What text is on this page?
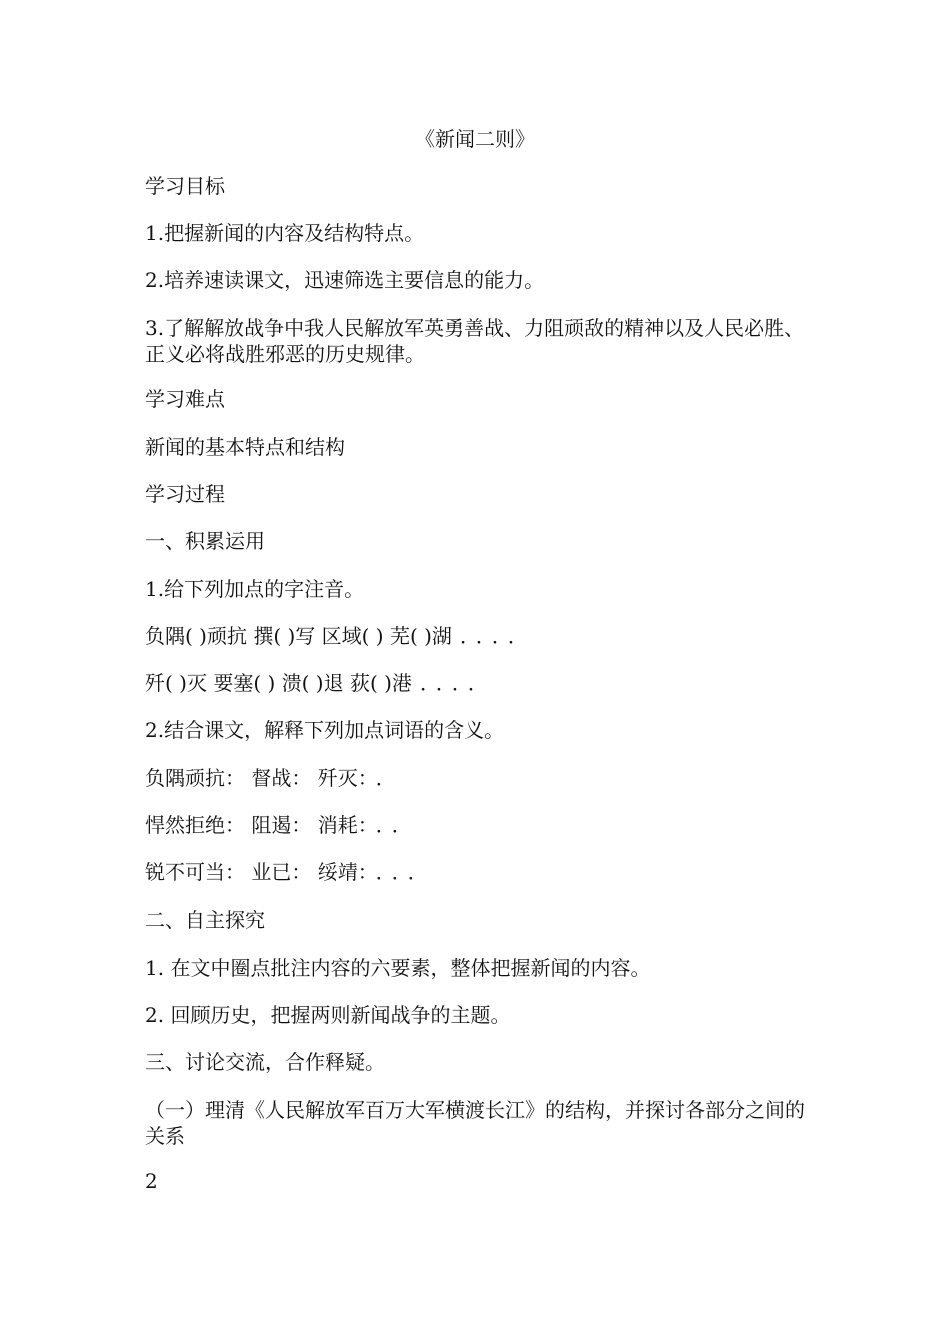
《新闻二则》
学习目标
1.把握新闻的内容及结构特点。
2.培养速读课文，迅速筛选主要信息的能力。
3.了解解放战争中我人民解放军英勇善战、力阻顽敌的精神以及人民必胜、正义必将战胜邪恶的历史规律。
学习难点
新闻的基本特点和结构
学习过程
一、积累运用
1.给下列加点的字注音。
负隅( )顽抗 撰( )写 区域( ) 芜( )湖 ．．．．
歼( )灭 要塞( ) 溃( )退 荻( )港 ．．．．
2.结合课文，解释下列加点词语的含义。
负隅顽抗： 督战： 歼灭： ．
悍然拒绝： 阻遏： 消耗： ．．
锐不可当： 业已： 绥靖： ．．．
二、自主探究
1. 在文中圈点批注内容的六要素，整体把握新闻的内容。
2. 回顾历史，把握两则新闻战争的主题。
三、讨论交流，合作释疑。
（一）理清《人民解放军百万大军横渡长江》的结构，并探讨各部分之间的关系
2
